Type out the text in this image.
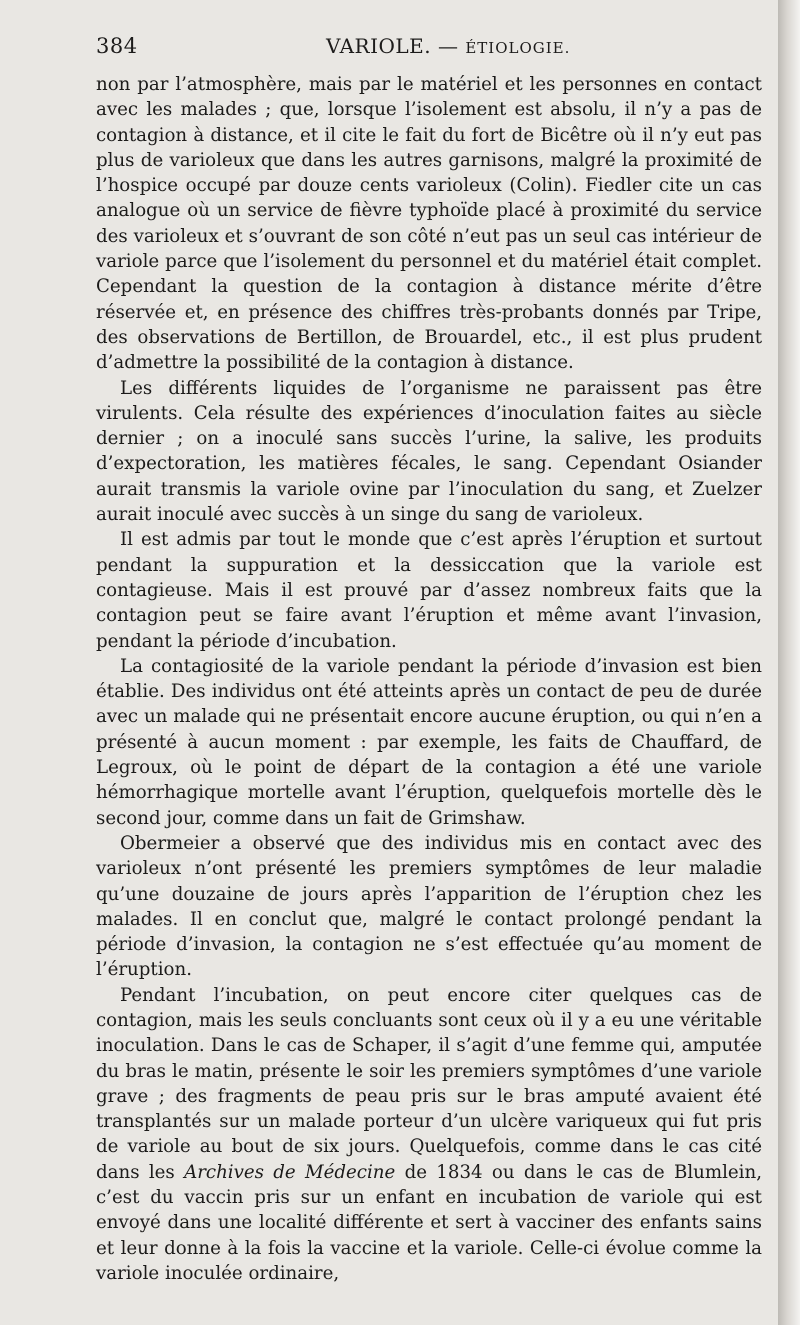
384	VARIOLE. — ÉTIOLOGIE.

non par l’atmosphère, mais par le matériel et les personnes en contact avec les malades ; que, lorsque l’isolement est absolu, il n’y a pas de contagion à distance, et il cite le fait du fort de Bicêtre où il n’y eut pas plus de varioleux que dans les autres garnisons, malgré la proximité de l’hospice occupé par douze cents varioleux (Colin). Fiedler cite un cas analogue où un service de fièvre typhoïde placé à proximité du service des varioleux et s’ouvrant de son côté n’eut pas un seul cas intérieur de variole parce que l’isolement du personnel et du matériel était complet. Cependant la question de la contagion à distance mérite d’être réservée et, en présence des chiffres très-probants donnés par Tripe, des observations de Bertillon, de Brouardel, etc., il est plus prudent d’admettre la possibilité de la contagion à distance.

Les différents liquides de l’organisme ne paraissent pas être virulents. Cela résulte des expériences d’inoculation faites au siècle dernier ; on a inoculé sans succès l’urine, la salive, les produits d’expectoration, les matières fécales, le sang. Cependant Osiander aurait transmis la variole ovine par l’inoculation du sang, et Zuelzer aurait inoculé avec succès à un singe du sang de varioleux.

Il est admis par tout le monde que c’est après l’éruption et surtout pendant la suppuration et la dessiccation que la variole est contagieuse. Mais il est prouvé par d’assez nombreux faits que la contagion peut se faire avant l’éruption et même avant l’invasion, pendant la période d’incubation.

La contagiosité de la variole pendant la période d’invasion est bien établie. Des individus ont été atteints après un contact de peu de durée avec un malade qui ne présentait encore aucune éruption, ou qui n’en a présenté à aucun moment : par exemple, les faits de Chauffard, de Legroux, où le point de départ de la contagion a été une variole hémorrhagique mortelle avant l’éruption, quelquefois mortelle dès le second jour, comme dans un fait de Grimshaw.

Obermeier a observé que des individus mis en contact avec des varioleux n’ont présenté les premiers symptômes de leur maladie qu’une douzaine de jours après l’apparition de l’éruption chez les malades. Il en conclut que, malgré le contact prolongé pendant la période d’invasion, la contagion ne s’est effectuée qu’au moment de l’éruption.

Pendant l’incubation, on peut encore citer quelques cas de contagion, mais les seuls concluants sont ceux où il y a eu une véritable inoculation. Dans le cas de Schaper, il s’agit d’une femme qui, amputée du bras le matin, présente le soir les premiers symptômes d’une variole grave ; des fragments de peau pris sur le bras amputé avaient été transplantés sur un malade porteur d’un ulcère variqueux qui fut pris de variole au bout de six jours. Quelquefois, comme dans le cas cité dans les Archives de Médecine de 1834 ou dans le cas de Blumlein, c’est du vaccin pris sur un enfant en incubation de variole qui est envoyé dans une localité différente et sert à vacciner des enfants sains et leur donne à la fois la vaccine et la variole. Celle-ci évolue comme la variole inoculée ordinaire,
